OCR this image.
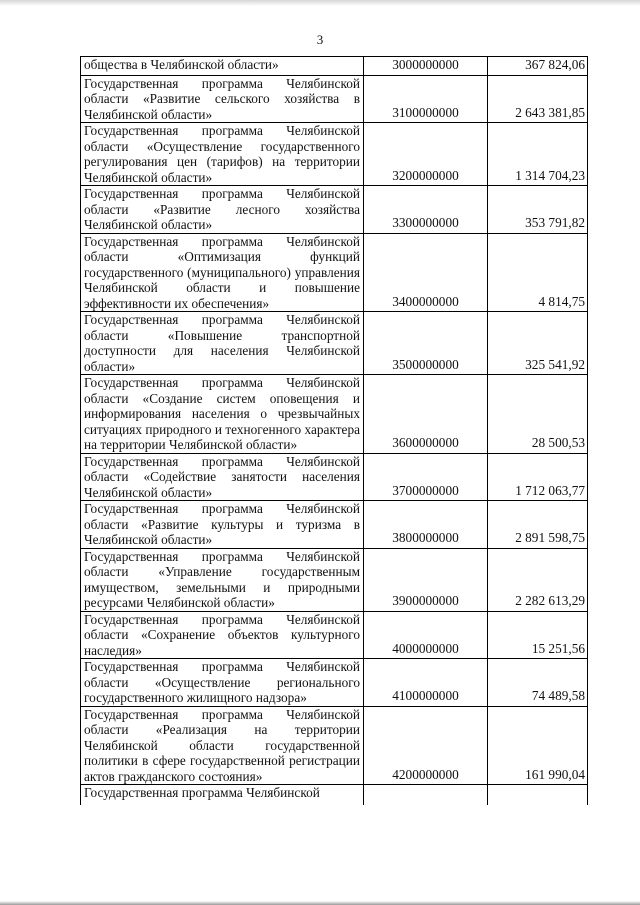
3
общества в Челябинской области»	3000000000	367 824,06
Государственная программа Челябинской области «Развитие сельского хозяйства в Челябинской области»	3100000000	2 643 381,85
Государственная программа Челябинской области «Осуществление государственного регулирования цен (тарифов) на территории Челябинской области»	3200000000	1 314 704,23
Государственная программа Челябинской области «Развитие лесного хозяйства Челябинской области»	3300000000	353 791,82
Государственная программа Челябинской области «Оптимизация функций государственного (муниципального) управления Челябинской области и повышение эффективности их обеспечения»	3400000000	4 814,75
Государственная программа Челябинской области «Повышение транспортной доступности для населения Челябинской области»	3500000000	325 541,92
Государственная программа Челябинской области «Создание систем оповещения и информирования населения о чрезвычайных ситуациях природного и техногенного характера на территории Челябинской области»	3600000000	28 500,53
Государственная программа Челябинской области «Содействие занятости населения Челябинской области»	3700000000	1 712 063,77
Государственная программа Челябинской области «Развитие культуры и туризма в Челябинской области»	3800000000	2 891 598,75
Государственная программа Челябинской области «Управление государственным имуществом, земельными и природными ресурсами Челябинской области»	3900000000	2 282 613,29
Государственная программа Челябинской области «Сохранение объектов культурного наследия»	4000000000	15 251,56
Государственная программа Челябинской области «Осуществление регионального государственного жилищного надзора»	4100000000	74 489,58
Государственная программа Челябинской области «Реализация на территории Челябинской области государственной политики в сфере государственной регистрации актов гражданского состояния»	4200000000	161 990,04
Государственная программа Челябинской		
